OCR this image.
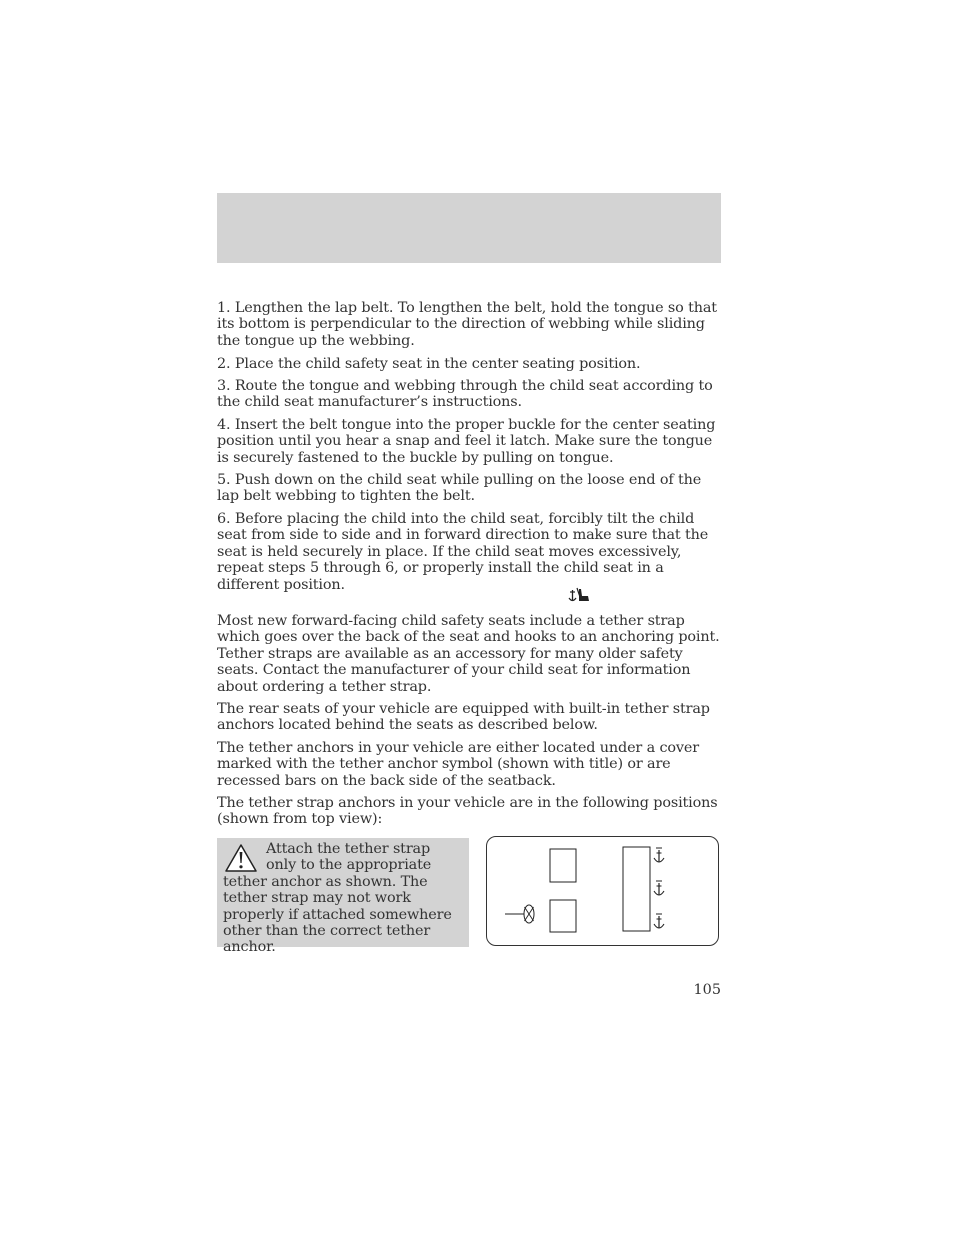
1. Lengthen the lap belt. To lengthen the belt, hold the tongue so that its bottom is perpendicular to the direction of webbing while sliding the tongue up the webbing.

2. Place the child safety seat in the center seating position.

3. Route the tongue and webbing through the child seat according to the child seat manufacturer’s instructions.

4. Insert the belt tongue into the proper buckle for the center seating position until you hear a snap and feel it latch. Make sure the tongue is securely fastened to the buckle by pulling on tongue.

5. Push down on the child seat while pulling on the loose end of the lap belt webbing to tighten the belt.

6. Before placing the child into the child seat, forcibly tilt the child seat from side to side and in forward direction to make sure that the seat is held securely in place. If the child seat moves excessively, repeat steps 5 through 6, or properly install the child seat in a different position.

Most new forward-facing child safety seats include a tether strap which goes over the back of the seat and hooks to an anchoring point. Tether straps are available as an accessory for many older safety seats. Contact the manufacturer of your child seat for information about ordering a tether strap.

The rear seats of your vehicle are equipped with built-in tether strap anchors located behind the seats as described below.

The tether anchors in your vehicle are either located under a cover marked with the tether anchor symbol (shown with title) or are recessed bars on the back side of the seatback.

The tether strap anchors in your vehicle are in the following positions (shown from top view):

Attach the tether strap only to the appropriate tether anchor as shown. The tether strap may not work properly if attached somewhere other than the correct tether anchor.

105
